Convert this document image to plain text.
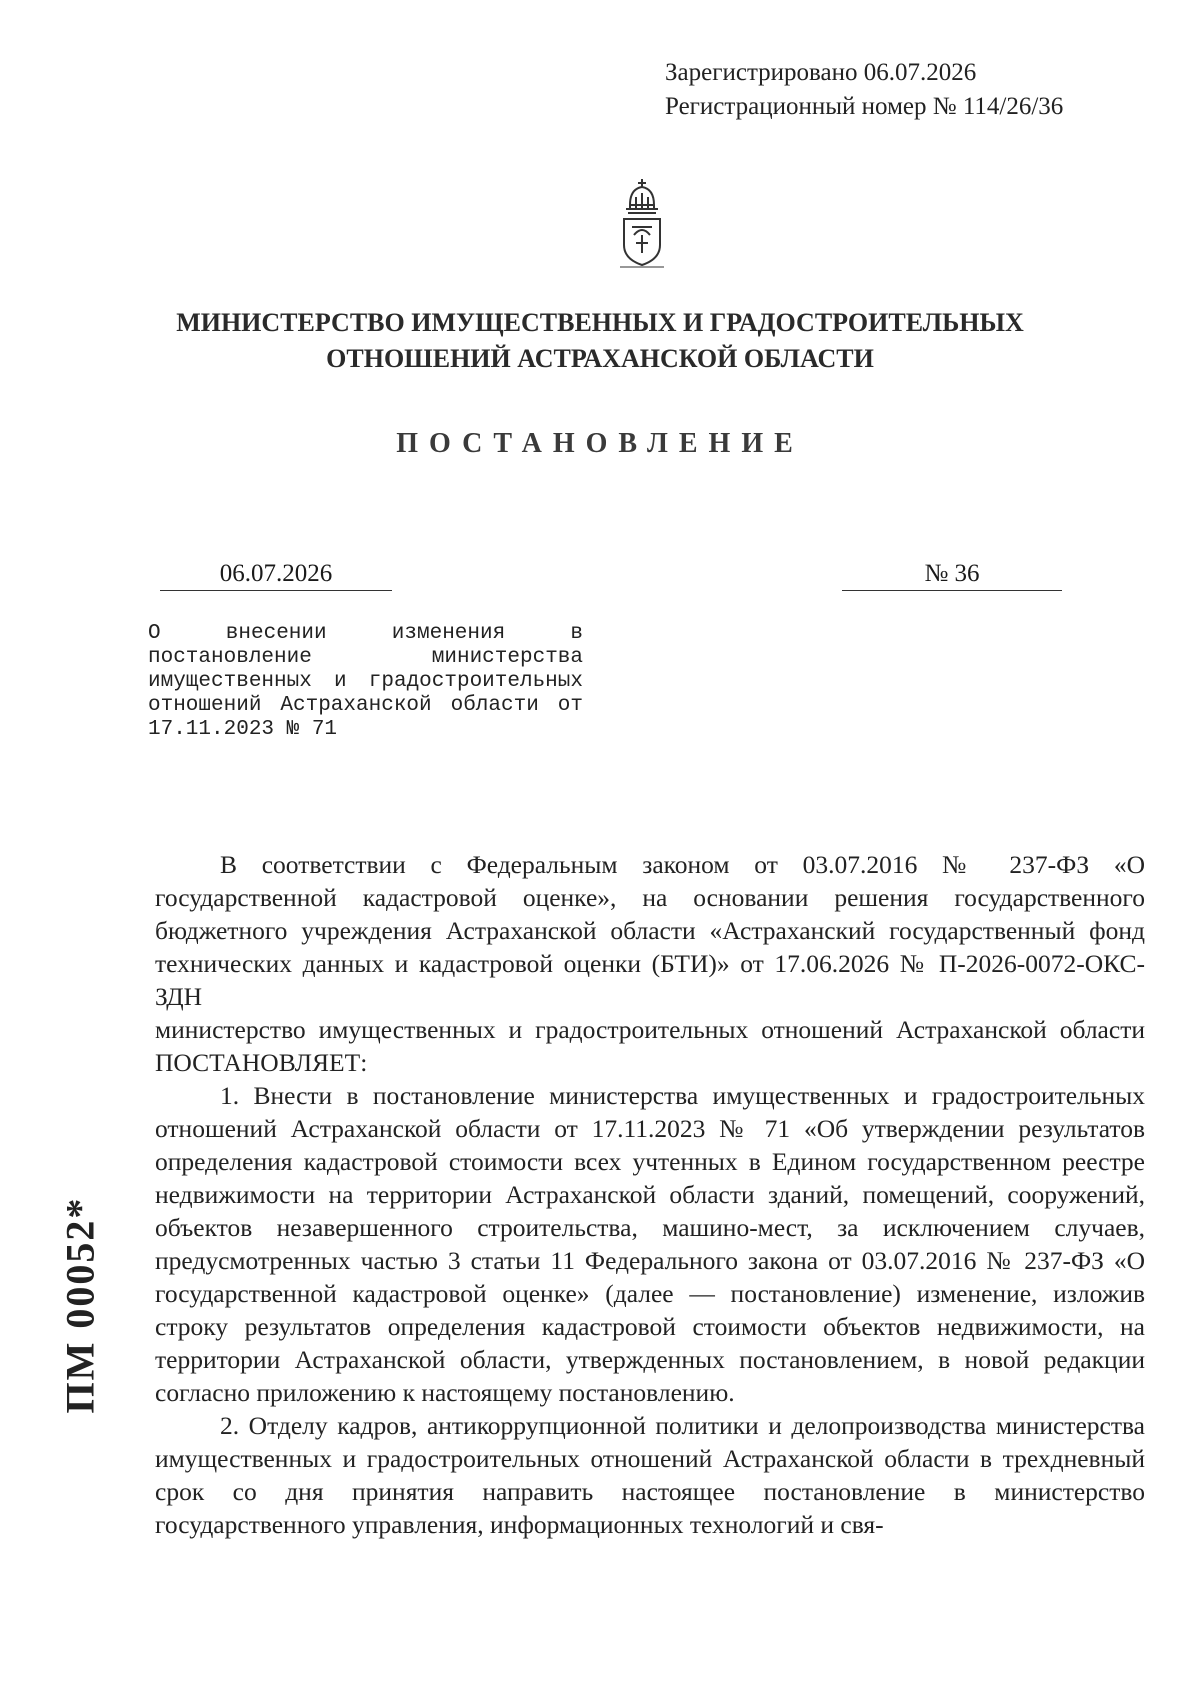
Зарегистрировано 06.07.2026
Регистрационный номер № 114/26/36
МИНИСТЕРСТВО ИМУЩЕСТВЕННЫХ И ГРАДОСТРОИТЕЛЬНЫХ
ОТНОШЕНИЙ АСТРАХАНСКОЙ ОБЛАСТИ
ПОСТАНОВЛЕНИЕ
06.07.2026	№ 36
О внесении изменения в постановление министерства имущественных и градостроительных отношений Астраханской области от 17.11.2023 № 71

В соответствии с Федеральным законом от 03.07.2016 № 237-ФЗ «О государственной кадастровой оценке», на основании решения государственного бюджетного учреждения Астраханской области «Астраханский государственный фонд технических данных и кадастровой оценки (БТИ)» от 17.06.2026 № П-2026-0072-ОКС-ЗДН

министерство имущественных и градостроительных отношений Астраханской области ПОСТАНОВЛЯЕТ:

1. Внести в постановление министерства имущественных и градостроительных отношений Астраханской области от 17.11.2023 № 71 «Об утверждении результатов определения кадастровой стоимости всех учтенных в Едином государственном реестре недвижимости на территории Астраханской области зданий, помещений, сооружений, объектов незавершенного строительства, машино-мест, за исключением случаев, предусмотренных частью 3 статьи 11 Федерального закона от 03.07.2016 № 237-ФЗ «О государственной кадастровой оценке» (далее — постановление) изменение, изложив строку результатов определения кадастровой стоимости объектов недвижимости, на территории Астраханской области, утвержденных постановлением, в новой редакции согласно приложению к настоящему постановлению.

2. Отделу кадров, антикоррупционной политики и делопроизводства министерства имущественных и градостроительных отношений Астраханской области в трехдневный срок со дня принятия направить настоящее постановление в министерство государственного управления, информационных технологий и свя-

ПМ 00052*
